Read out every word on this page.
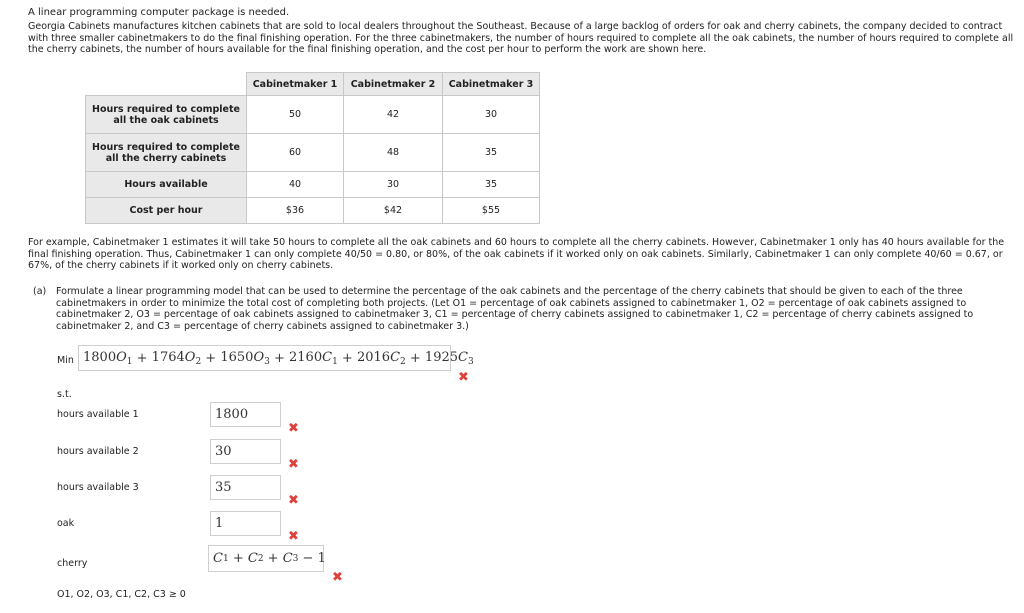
A linear programming computer package is needed.

Georgia Cabinets manufactures kitchen cabinets that are sold to local dealers throughout the Southeast. Because of a large backlog of orders for oak and cherry cabinets, the company decided to contract with three smaller cabinetmakers to do the final finishing operation. For the three cabinetmakers, the number of hours required to complete all the oak cabinets, the number of hours required to complete all the cherry cabinets, the number of hours available for the final finishing operation, and the cost per hour to perform the work are shown here.

	Cabinetmaker 1	Cabinetmaker 2	Cabinetmaker 3
Hours required to complete
all the oak cabinets	50	42	30
Hours required to complete
all the cherry cabinets	60	48	35
Hours available	40	30	35
Cost per hour	$36	$42	$55

For example, Cabinetmaker 1 estimates it will take 50 hours to complete all the oak cabinets and 60 hours to complete all the cherry cabinets. However, Cabinetmaker 1 only has 40 hours available for the final finishing operation. Thus, Cabinetmaker 1 can only complete 40/50 = 0.80, or 80%, of the oak cabinets if it worked only on oak cabinets. Similarly, Cabinetmaker 1 can only complete 40/60 = 0.67, or 67%, of the cherry cabinets if it worked only on cherry cabinets.

(a) Formulate a linear programming model that can be used to determine the percentage of the oak cabinets and the percentage of the cherry cabinets that should be given to each of the three cabinetmakers in order to minimize the total cost of completing both projects. (Let O1 = percentage of oak cabinets assigned to cabinetmaker 1, O2 = percentage of oak cabinets assigned to cabinetmaker 2, O3 = percentage of oak cabinets assigned to cabinetmaker 3, C1 = percentage of cherry cabinets assigned to cabinetmaker 1, C2 = percentage of cherry cabinets assigned to cabinetmaker 2, and C3 = percentage of cherry cabinets assigned to cabinetmaker 3.)
Min $1800O_1 + 1764O_2 + 1650O_3 + 2160C_1 + 2016C_2 + 1925C_3$
✖
s.t.
hours available 1	1800
✖
hours available 2	30
✖
hours available 3	35
✖
oak	1
✖
cherry	C 1 + C 2 + C 3 − 1
✖
O1, O2, O3, C1, C2, C3 ≥ 0
